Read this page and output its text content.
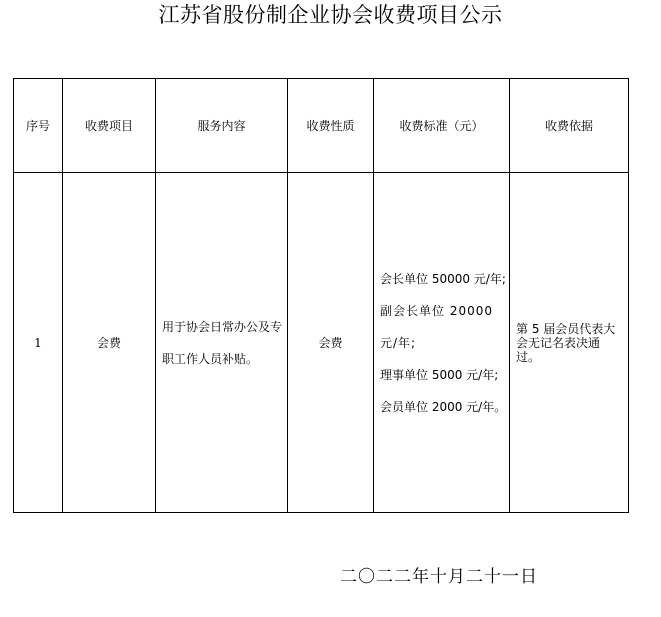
江苏省股份制企业协会收费项目公示
序号	收费项目	服务内容	收费性质	收费标准（元）	收费依据
1	会费	用于协会日常办公及专职工作人员补贴。	会费	会长单位 50000 元/年;
副会长单位 20000 元/年;
理事单位 5000 元/年;
会员单位 2000 元/年。	第 5 届会员代表大会无记名表决通过。
二〇二二年十月二十一日
